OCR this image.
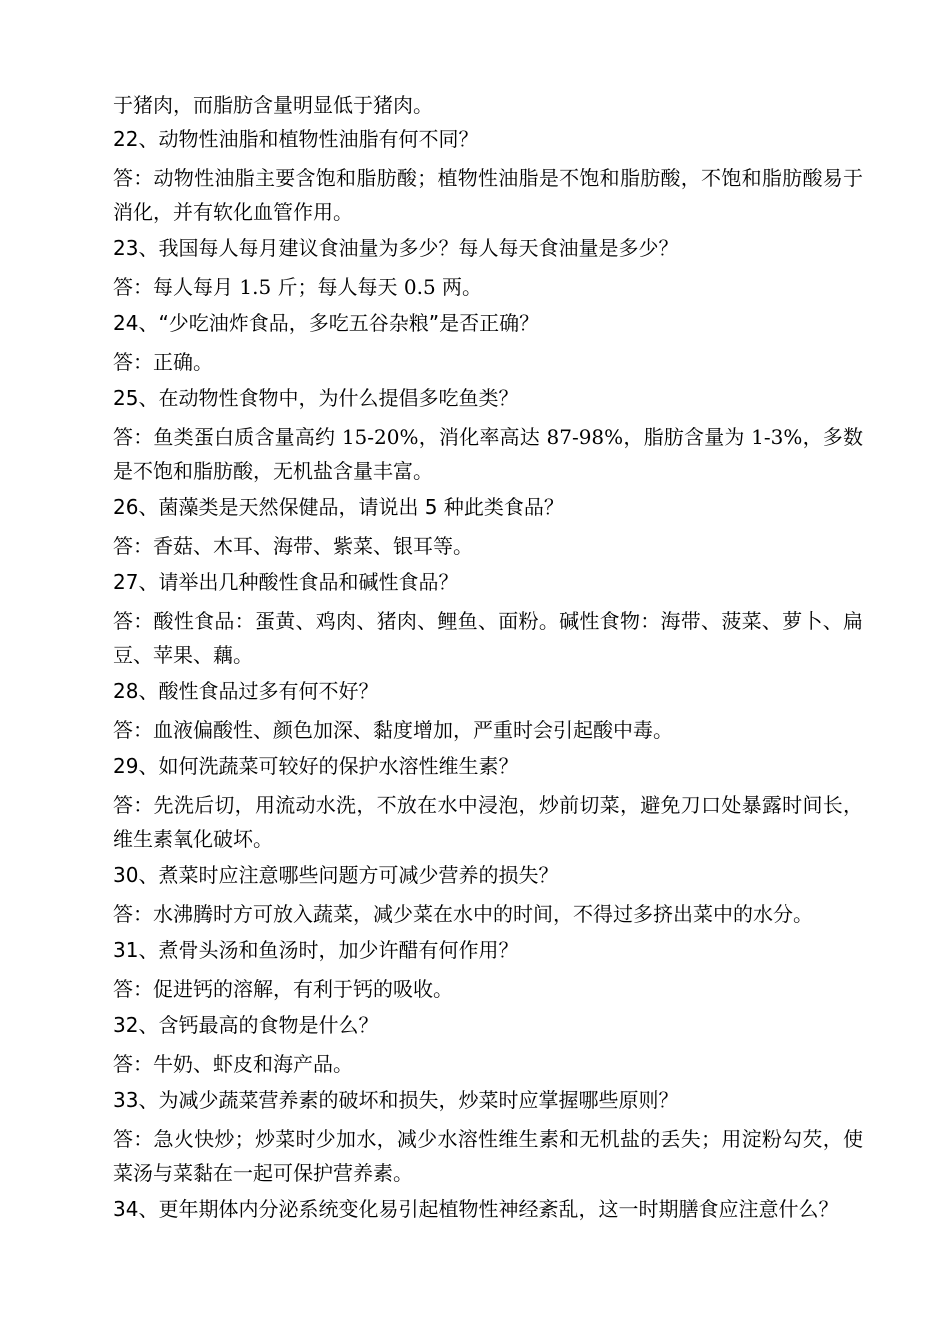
于猪肉，而脂肪含量明显低于猪肉。
22、动物性油脂和植物性油脂有何不同？
答：动物性油脂主要含饱和脂肪酸；植物性油脂是不饱和脂肪酸，不饱和脂肪酸易于消化，并有软化血管作用。
23、我国每人每月建议食油量为多少？每人每天食油量是多少？
答：每人每月 1.5 斤；每人每天 0.5 两。
24、“少吃油炸食品，多吃五谷杂粮”是否正确？
答：正确。
25、在动物性食物中，为什么提倡多吃鱼类？
答：鱼类蛋白质含量高约 15-20%，消化率高达 87-98%，脂肪含量为 1-3%，多数是不饱和脂肪酸，无机盐含量丰富。
26、菌藻类是天然保健品，请说出 5 种此类食品？
答：香菇、木耳、海带、紫菜、银耳等。
27、请举出几种酸性食品和碱性食品？
答：酸性食品：蛋黄、鸡肉、猪肉、鲤鱼、面粉。碱性食物：海带、菠菜、萝卜、扁豆、苹果、藕。
28、酸性食品过多有何不好？
答：血液偏酸性、颜色加深、黏度增加，严重时会引起酸中毒。
29、如何洗蔬菜可较好的保护水溶性维生素？
答：先洗后切，用流动水洗，不放在水中浸泡，炒前切菜，避免刀口处暴露时间长，维生素氧化破坏。
30、煮菜时应注意哪些问题方可减少营养的损失？
答：水沸腾时方可放入蔬菜，减少菜在水中的时间，不得过多挤出菜中的水分。
31、煮骨头汤和鱼汤时，加少许醋有何作用？
答：促进钙的溶解，有利于钙的吸收。
32、含钙最高的食物是什么？
答：牛奶、虾皮和海产品。
33、为减少蔬菜营养素的破坏和损失，炒菜时应掌握哪些原则？
答：急火快炒；炒菜时少加水，减少水溶性维生素和无机盐的丢失；用淀粉勾芡，使菜汤与菜黏在一起可保护营养素。
34、更年期体内分泌系统变化易引起植物性神经紊乱，这一时期膳食应注意什么？
